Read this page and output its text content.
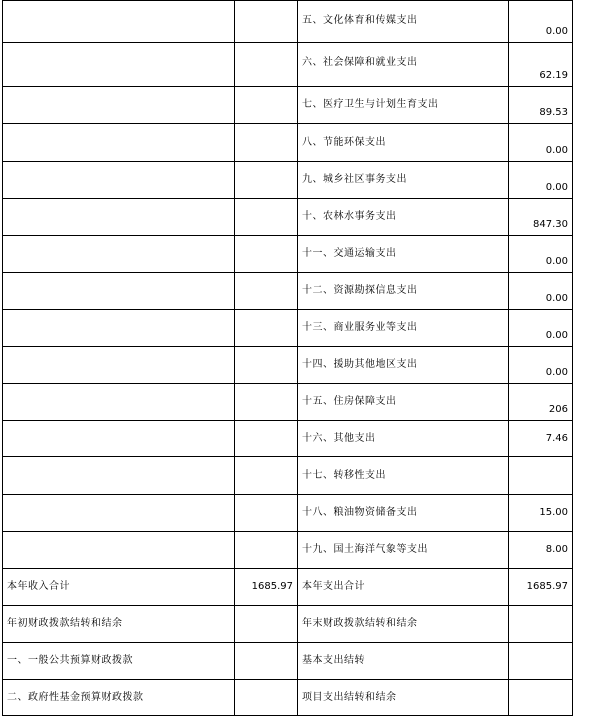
		五、文化体育和传媒支出	0.00
		六、社会保障和就业支出	62.19
		七、医疗卫生与计划生育支出	89.53
		八、节能环保支出	0.00
		九、城乡社区事务支出	0.00
		十、农林水事务支出	847.30
		十一、交通运输支出	0.00
		十二、资源勘探信息支出	0.00
		十三、商业服务业等支出	0.00
		十四、援助其他地区支出	0.00
		十五、住房保障支出	206
		十六、其他支出	7.46
		十七、转移性支出	
		十八、粮油物资储备支出	15.00
		十九、国土海洋气象等支出	8.00
本年收入合计	1685.97	本年支出合计	1685.97
年初财政拨款结转和结余		年末财政拨款结转和结余	
一、一般公共预算财政拨款		基本支出结转	
二、政府性基金预算财政拨款		项目支出结转和结余	
